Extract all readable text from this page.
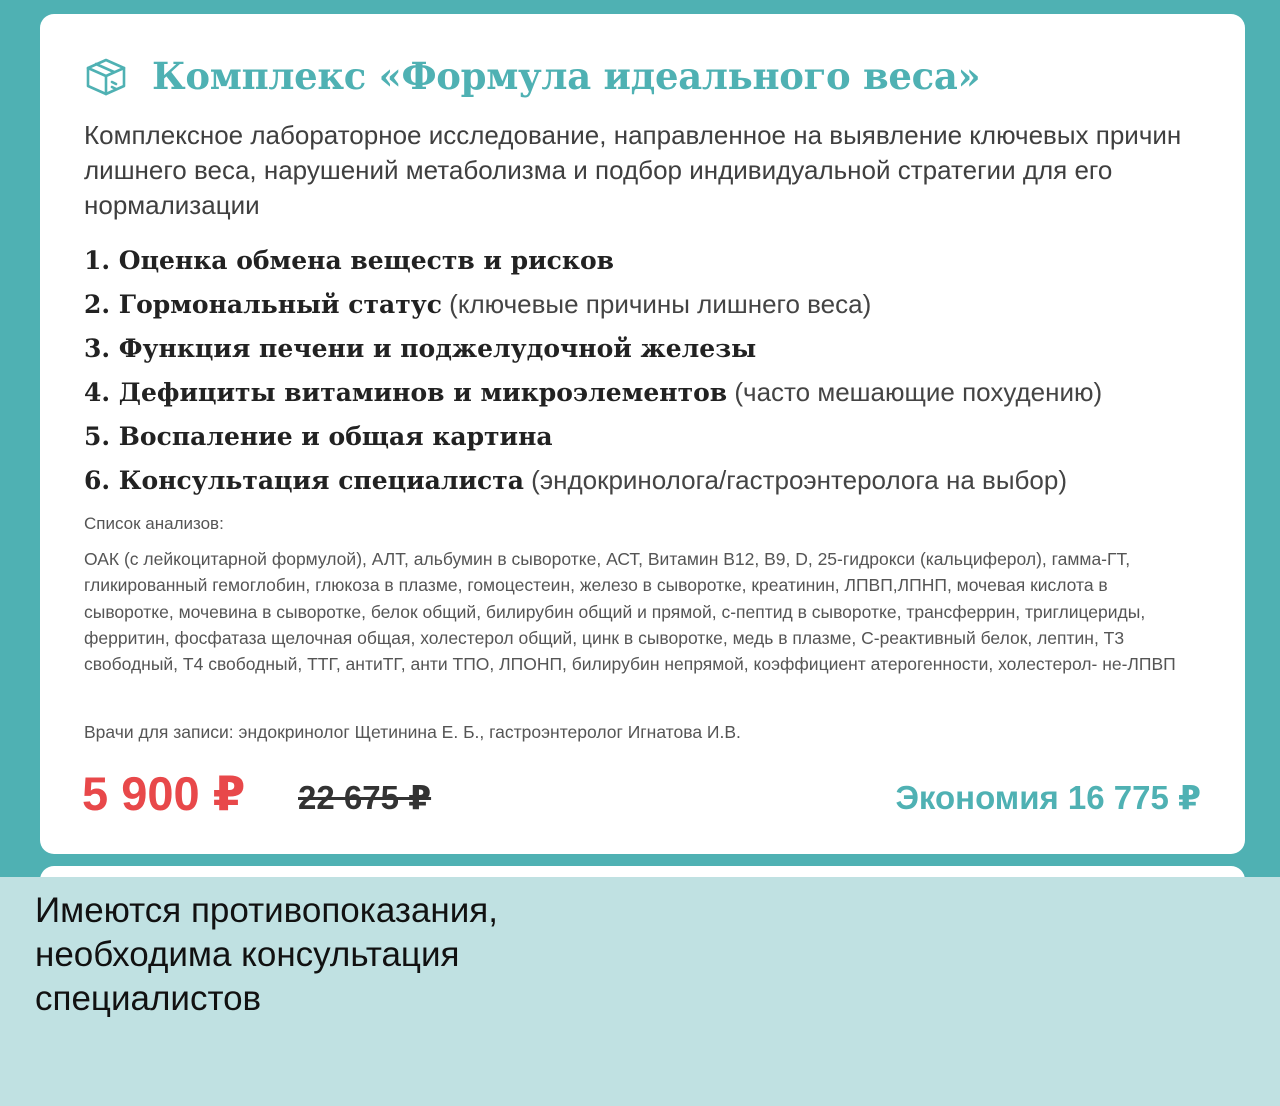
Комплекс «Формула идеального веса»
Комплексное лабораторное исследование, направленное на выявление ключевых причин лишнего веса, нарушений метаболизма и подбор индивидуальной стратегии для его нормализации
1. Оценка обмена веществ и рисков
2. Гормональный статус (ключевые причины лишнего веса)
3. Функция печени и поджелудочной железы
4. Дефициты витаминов и микроэлементов (часто мешающие похудению)
5. Воспаление и общая картина
6. Консультация специалиста (эндокринолога/гастроэнтеролога на выбор)
Список анализов:
ОАК (с лейкоцитарной формулой), АЛТ, альбумин в сыворотке, АСТ, Витамин В12, В9, D, 25-гидрокси (кальциферол), гамма-ГТ, гликированный гемоглобин, глюкоза в плазме, гомоцестеин, железо в сыворотке, креатинин, ЛПВП,ЛПНП, мочевая кислота в сыворотке, мочевина в сыворотке, белок общий, билирубин общий и прямой, с-пептид в сыворотке, трансферрин, триглицериды, ферритин, фосфатаза щелочная общая, холестерол общий, цинк в сыворотке, медь в плазме, С-реактивный белок, лептин, Т3 свободный, Т4 свободный, ТТГ, антиТГ, анти ТПО, ЛПОНП, билирубин непрямой, коэффициент атерогенности, холестерол- не-ЛПВП
Врачи для записи: эндокринолог Щетинина Е. Б., гастроэнтеролог Игнатова И.В.
5 900 ₽ 22 675 ₽	Экономия 16 775 ₽
Имеются противопоказания, необходима консультация специалистов
